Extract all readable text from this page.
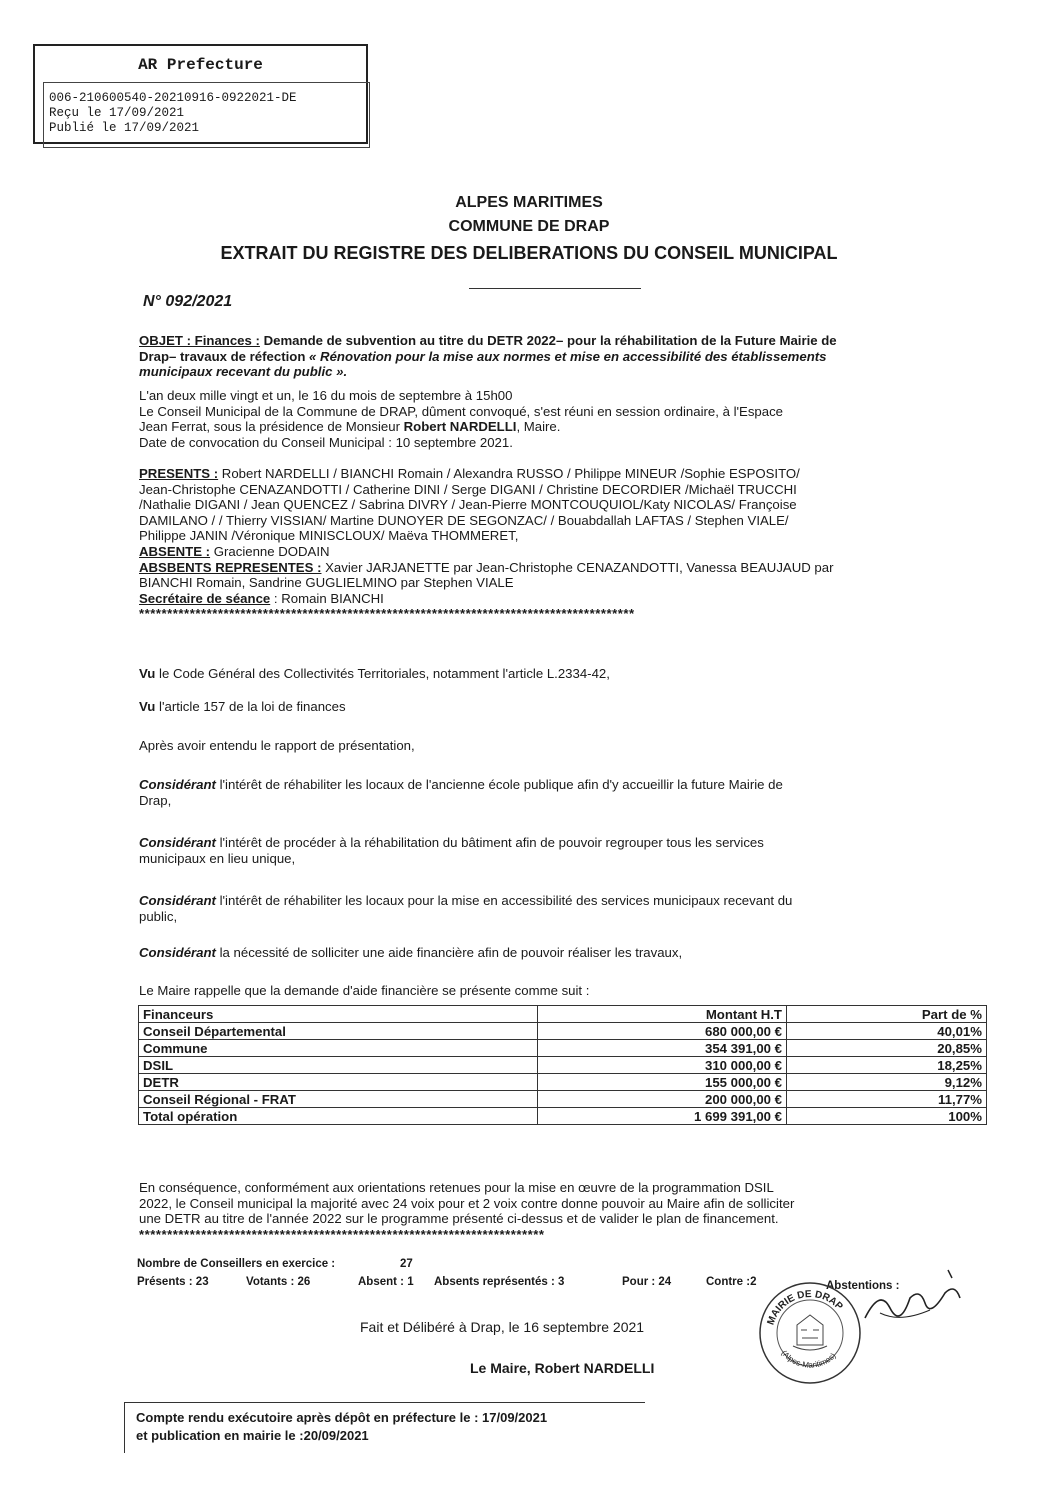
AR Prefecture
006-210600540-20210916-0922021-DE
Reçu le 17/09/2021
Publié le 17/09/2021
ALPES MARITIMES
COMMUNE DE DRAP
EXTRAIT DU REGISTRE DES DELIBERATIONS DU CONSEIL MUNICIPAL
N° 092/2021
OBJET : Finances : Demande de subvention au titre du DETR 2022– pour la réhabilitation de la Future Mairie de
Drap– travaux de réfection « Rénovation pour la mise aux normes et mise en accessibilité des établissements
municipaux recevant du public ».
L'an deux mille vingt et un, le 16 du mois de septembre à 15h00
Le Conseil Municipal de la Commune de DRAP, dûment convoqué, s'est réuni en session ordinaire, à l'Espace
Jean Ferrat, sous la présidence de Monsieur Robert NARDELLI, Maire.
Date de convocation du Conseil Municipal : 10 septembre 2021.
PRESENTS : Robert NARDELLI / BIANCHI Romain / Alexandra RUSSO / Philippe MINEUR /Sophie ESPOSITO/
Jean-Christophe CENAZANDOTTI / Catherine DINI / Serge DIGANI / Christine DECORDIER /Michaël TRUCCHI
/Nathalie DIGANI / Jean QUENCEZ / Sabrina DIVRY / Jean-Pierre MONTCOUQUIOL/Katy NICOLAS/ Françoise
DAMILANO / / Thierry VISSIAN/ Martine DUNOYER DE SEGONZAC/ / Bouabdallah LAFTAS / Stephen VIALE/
Philippe JANIN /Véronique MINISCLOUX/ Maëva THOMMERET,
ABSENTE : Gracienne DODAIN
ABSBENTS REPRESENTES : Xavier JARJANETTE par Jean-Christophe CENAZANDOTTI, Vanessa BEAUJAUD par
BIANCHI Romain, Sandrine GUGLIELMINO par Stephen VIALE
Secrétaire de séance : Romain BIANCHI
****************************************************************************************
Vu le Code Général des Collectivités Territoriales, notamment l'article L.2334-42,
Vu l'article 157 de la loi de finances
Après avoir entendu le rapport de présentation,
Considérant l'intérêt de réhabiliter les locaux de l'ancienne école publique afin d'y accueillir la future Mairie de
Drap,
Considérant l'intérêt de procéder à la réhabilitation du bâtiment afin de pouvoir regrouper tous les services
municipaux en lieu unique,
Considérant l'intérêt de réhabiliter les locaux pour la mise en accessibilité des services municipaux recevant du
public,
Considérant la nécessité de solliciter une aide financière afin de pouvoir réaliser les travaux,
Le Maire rappelle que la demande d'aide financière se présente comme suit :
Financeurs	Montant H.T	Part de %
Conseil Départemental	680 000,00 €	40,01%
Commune	354 391,00 €	20,85%
DSIL	310 000,00 €	18,25%
DETR	155 000,00 €	9,12%
Conseil Régional - FRAT	200 000,00 €	11,77%
Total opération	1 699 391,00 €	100%
En conséquence, conformément aux orientations retenues pour la mise en œuvre de la programmation DSIL
2022, le Conseil municipal la majorité avec 24 voix pour et 2 voix contre donne pouvoir au Maire afin de solliciter
une DETR au titre de l'année 2022 sur le programme présenté ci-dessus et de valider le plan de financement.
************************************************************************
Nombre de Conseillers en exercice :	27
Présents : 23	Votants : 26	Absent : 1 Absents représentés : 3	Pour : 24	Contre :2	Abstentions :
Fait et Délibéré à Drap, le 16 septembre 2021
Le Maire, Robert NARDELLI
MAIRIE DE DRAP
(Alpes-Maritimes)
Compte rendu exécutoire après dépôt en préfecture le : 17/09/2021
et publication en mairie le :20/09/2021
